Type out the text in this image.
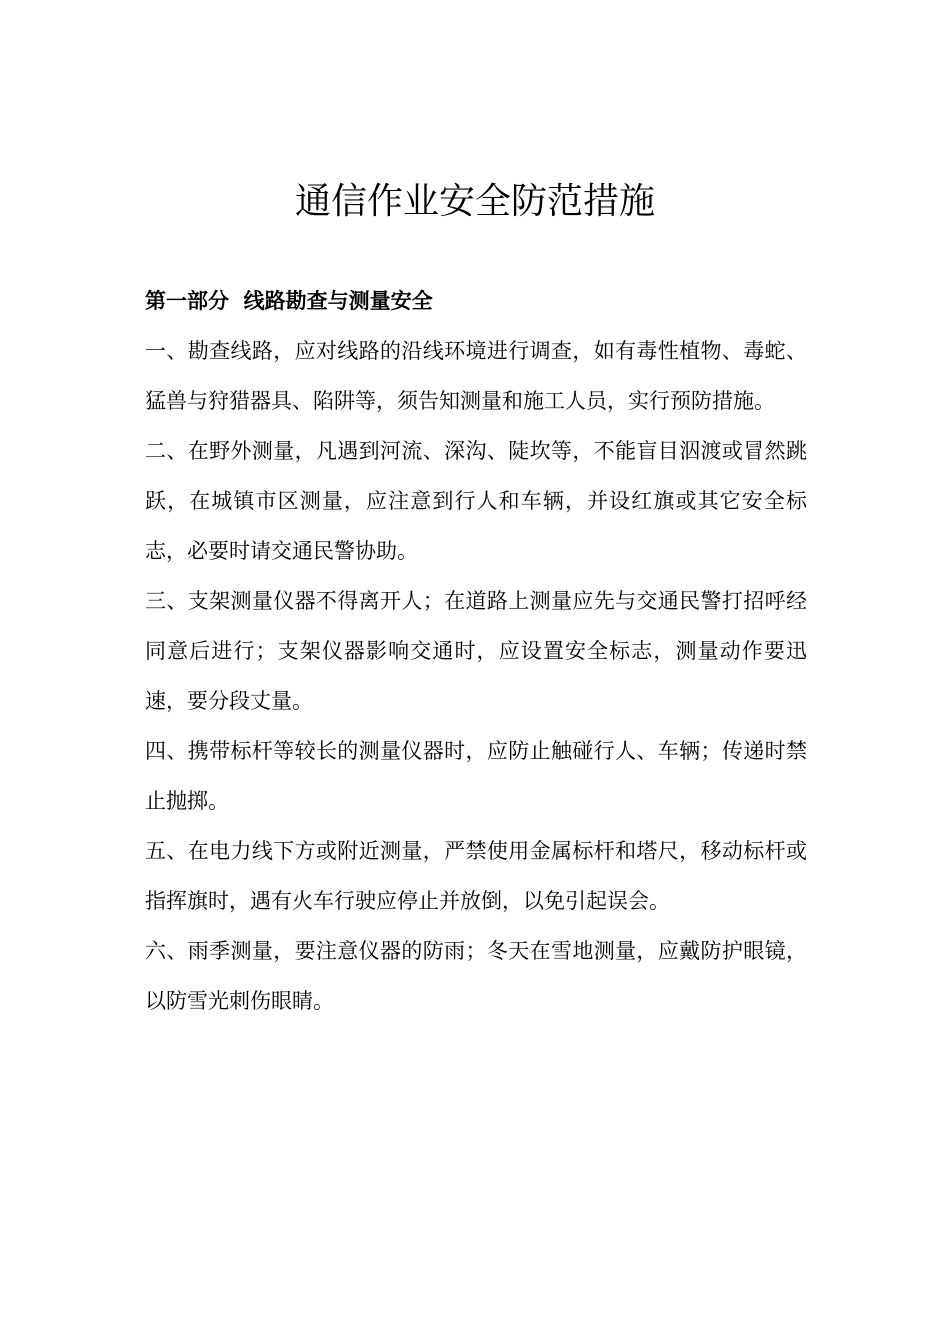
通信作业安全防范措施

第一部分  线路勘查与测量安全

一、勘查线路，应对线路的沿线环境进行调查，如有毒性植物、毒蛇、猛兽与狩猎器具、陷阱等，须告知测量和施工人员，实行预防措施。

二、在野外测量，凡遇到河流、深沟、陡坎等，不能盲目泅渡或冒然跳跃，在城镇市区测量，应注意到行人和车辆，并设红旗或其它安全标志，必要时请交通民警协助。

三、支架测量仪器不得离开人；在道路上测量应先与交通民警打招呼经同意后进行；支架仪器影响交通时，应设置安全标志，测量动作要迅速，要分段丈量。

四、携带标杆等较长的测量仪器时，应防止触碰行人、车辆；传递时禁止抛掷。

五、在电力线下方或附近测量，严禁使用金属标杆和塔尺，移动标杆或指挥旗时，遇有火车行驶应停止并放倒，以免引起误会。

六、雨季测量，要注意仪器的防雨；冬天在雪地测量，应戴防护眼镜，以防雪光刺伤眼睛。
